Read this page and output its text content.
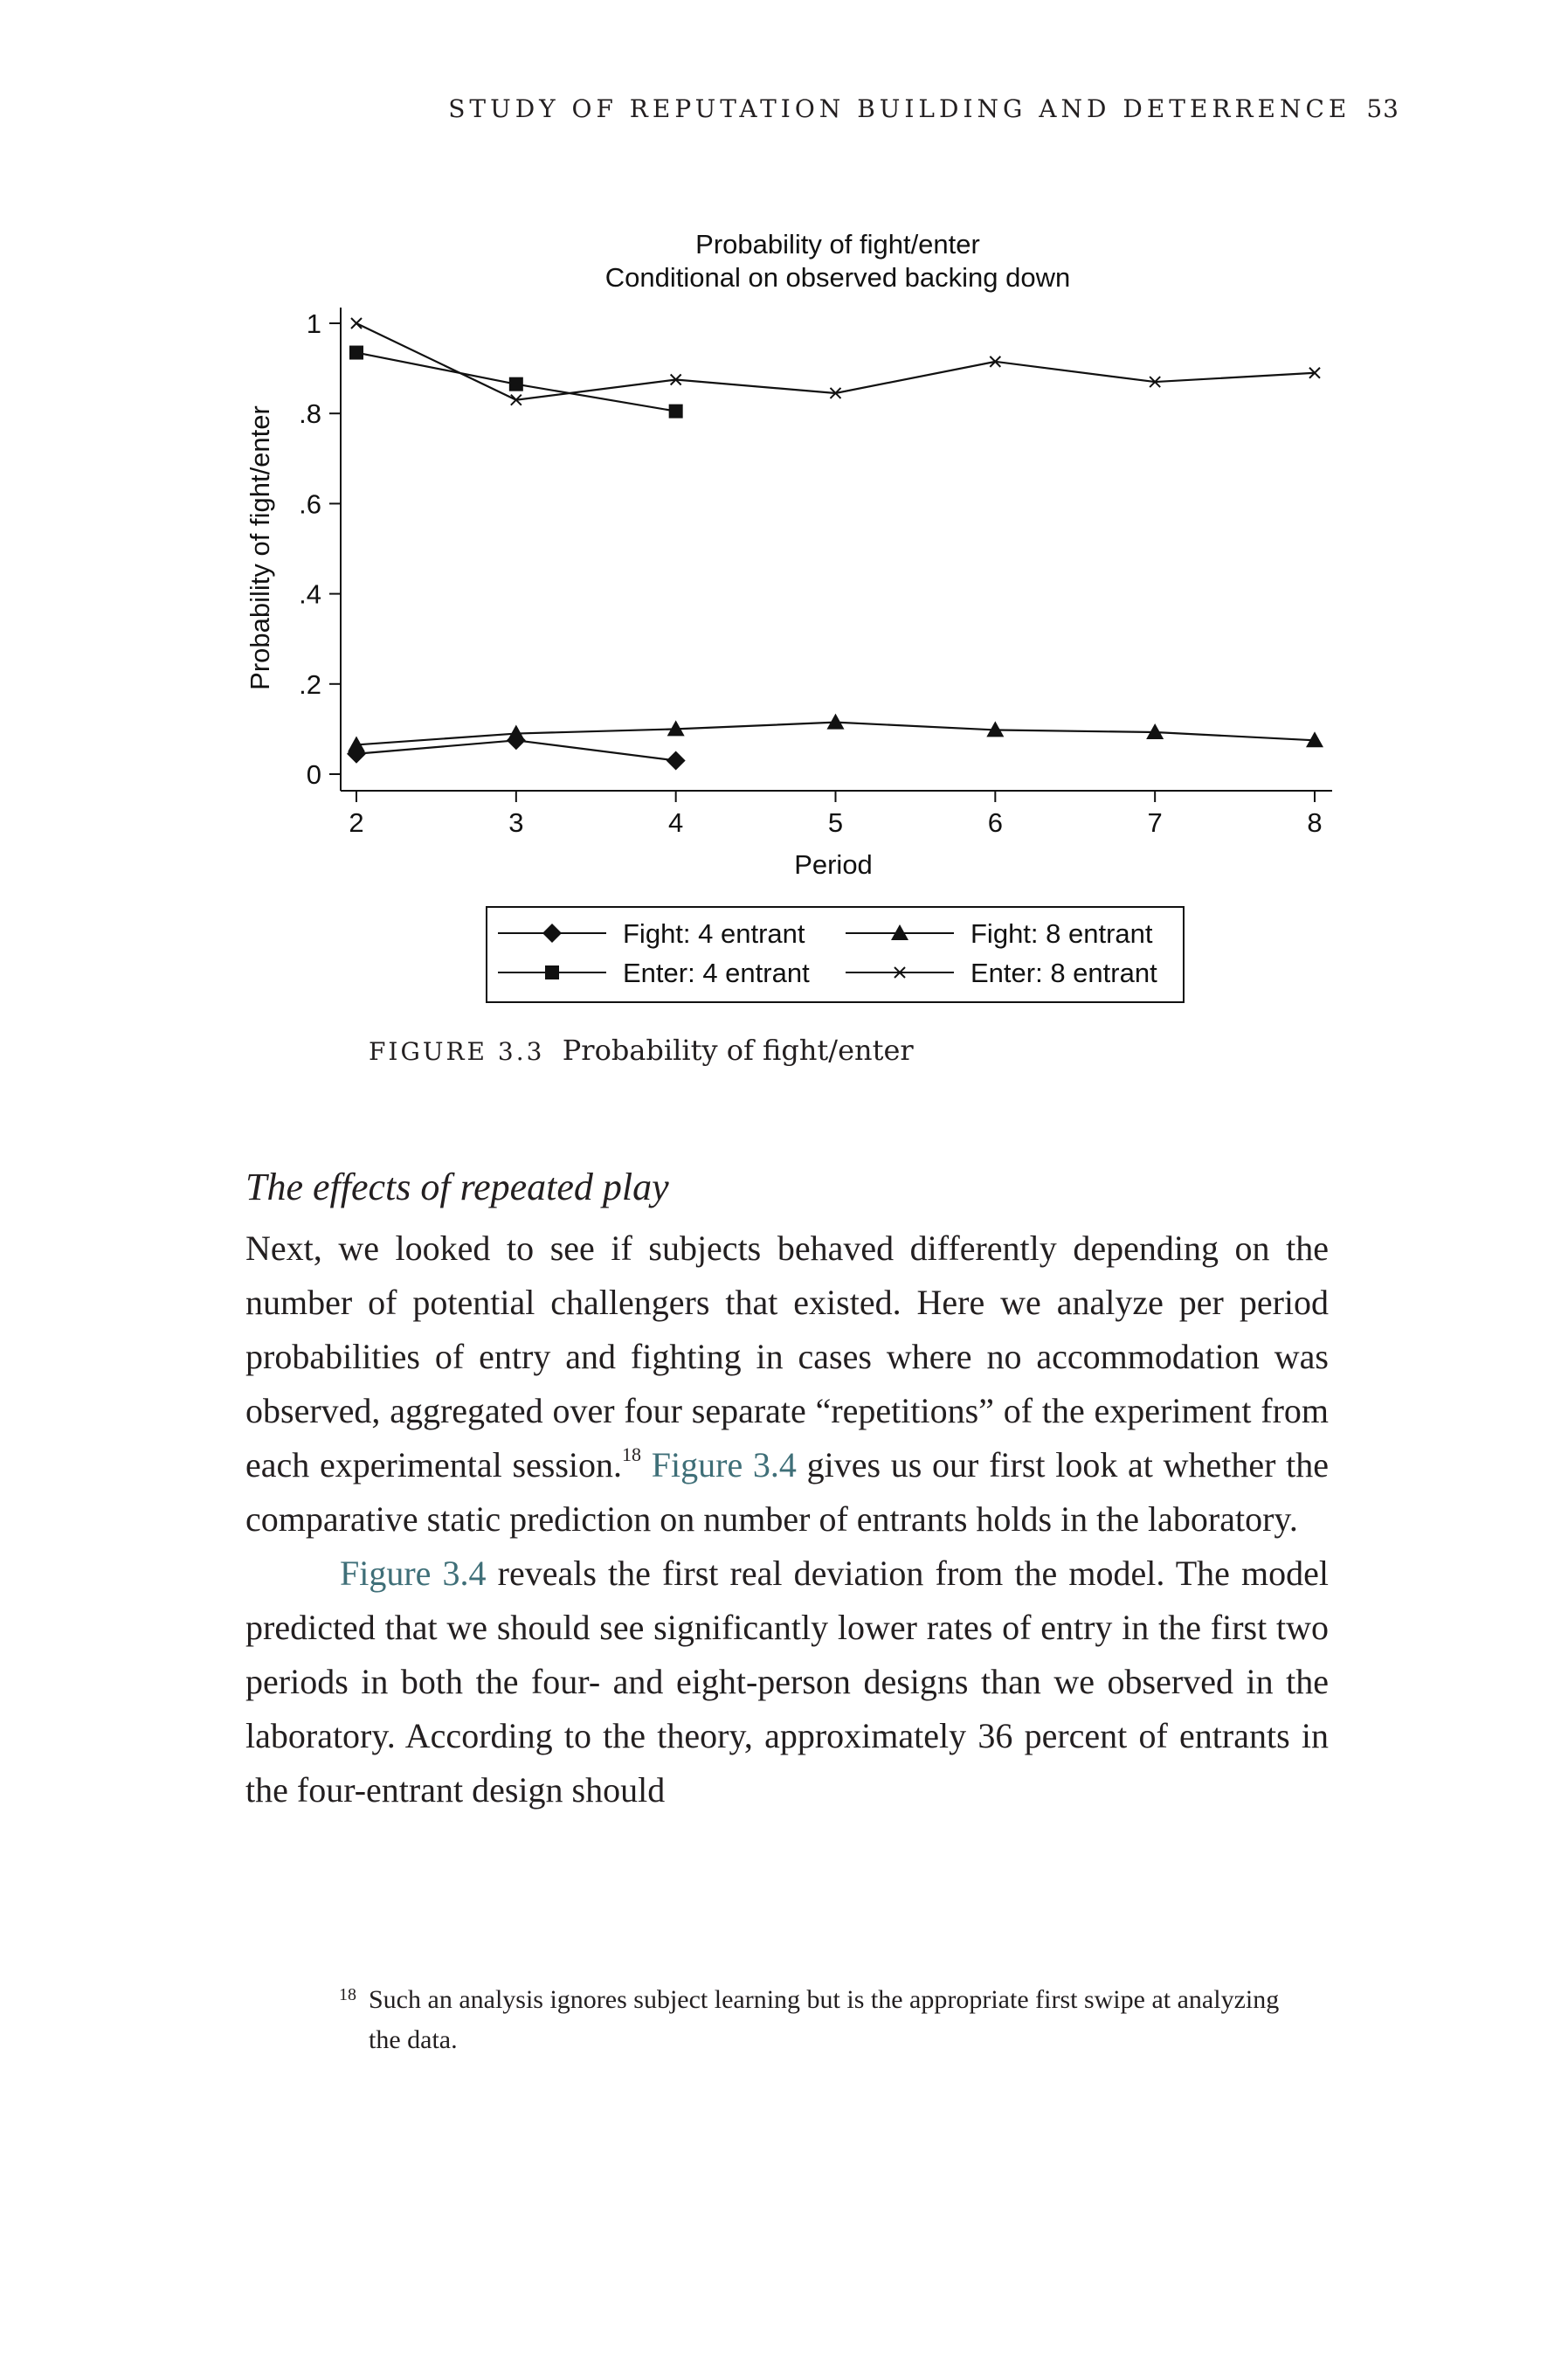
STUDY OF REPUTATION BUILDING AND DETERRENCE 53
Probability of fight/enter
Conditional on observed backing down
Probability of fight/enter
Period
0
.2
.4
.6
.8
1
2	3	4	5	6	7	8
Fight: 4 entrant	Fight: 8 entrant
Enter: 4 entrant	Enter: 8 entrant
FIGURE 3.3 Probability of fight/enter
The effects of repeated play

Next, we looked to see if subjects behaved differently depending on the number of potential challengers that existed. Here we analyze per period probabilities of entry and fighting in cases where no accommodation was observed, aggregated over four separate “repetitions” of the experiment from each experimental session.$^{18}$ Figure 3.4 gives us our first look at whether the comparative static prediction on number of entrants holds in the laboratory.

Figure 3.4 reveals the first real deviation from the model. The model predicted that we should see significantly lower rates of entry in the first two periods in both the four- and eight-person designs than we observed in the laboratory. According to the theory, approximately 36 percent of entrants in the four-entrant design should

18 Such an analysis ignores subject learning but is the appropriate first swipe at analyzing the data.
